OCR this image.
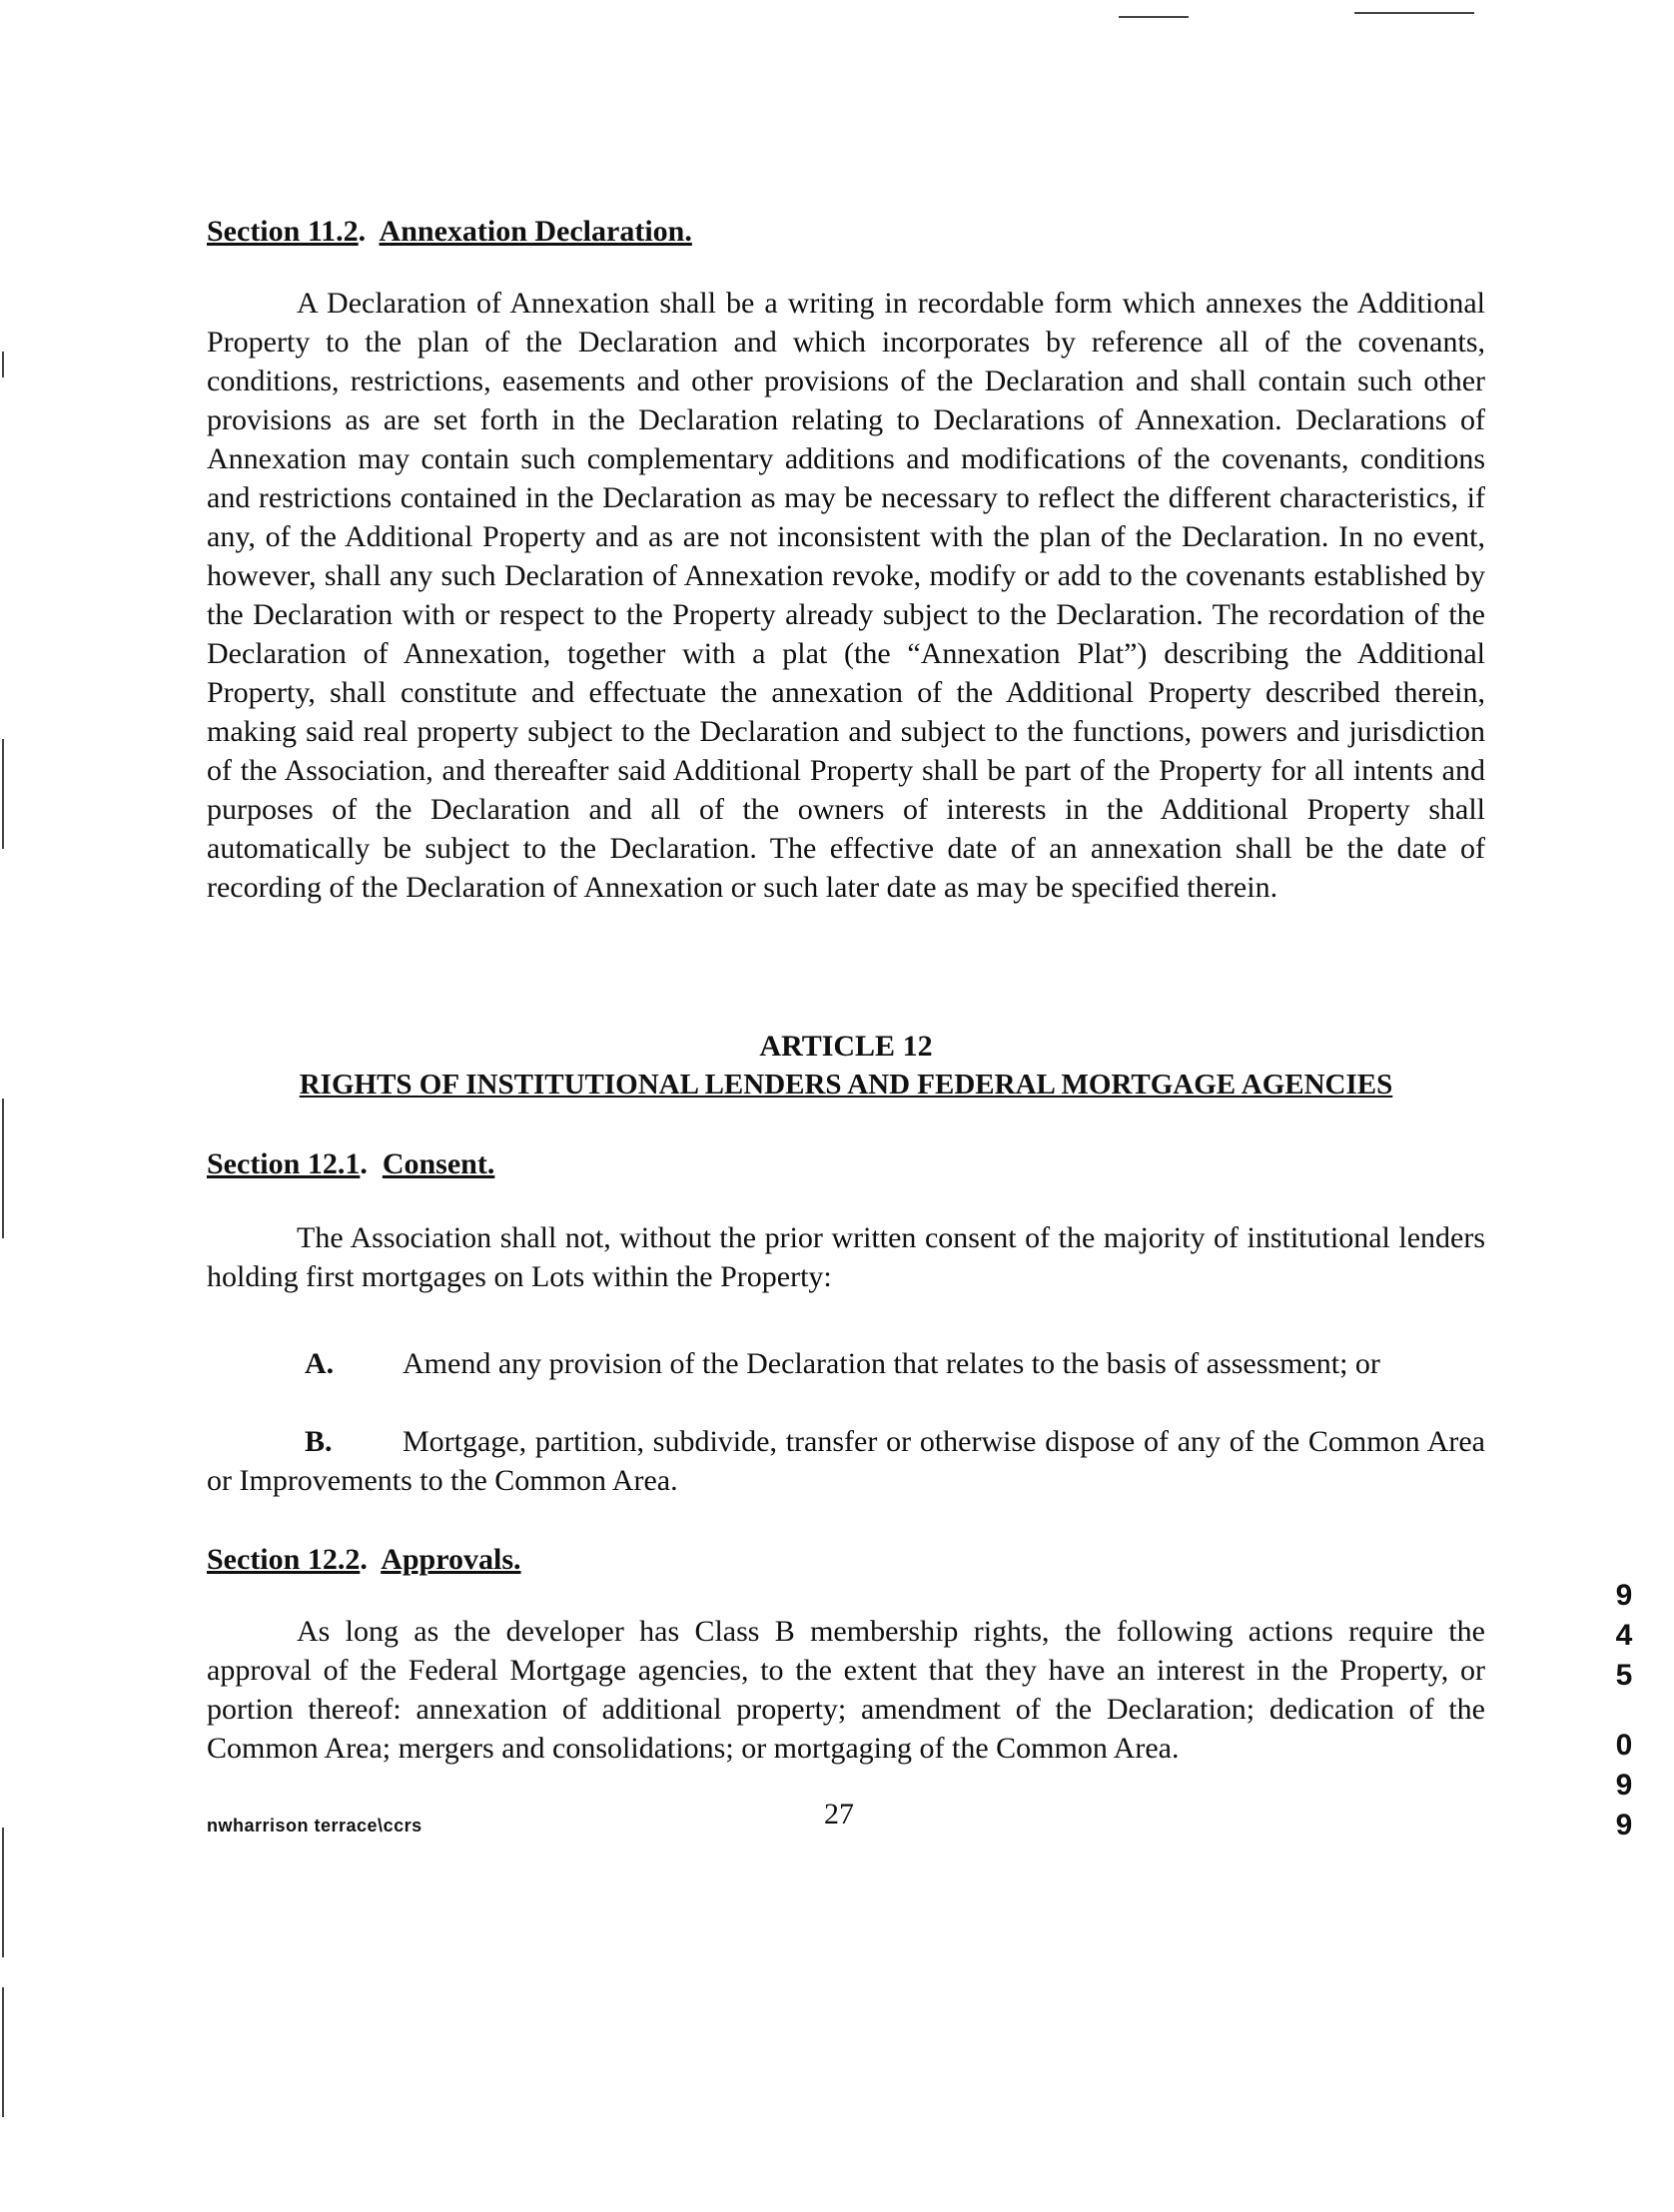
Section 11.2.  Annexation Declaration.
A Declaration of Annexation shall be a writing in recordable form which annexes the Additional Property to the plan of the Declaration and which incorporates by reference all of the covenants, conditions, restrictions, easements and other provisions of the Declaration and shall contain such other provisions as are set forth in the Declaration relating to Declarations of Annexation. Declarations of Annexation may contain such complementary additions and modifications of the covenants, conditions and restrictions contained in the Declaration as may be necessary to reflect the different characteristics, if any, of the Additional Property and as are not inconsistent with the plan of the Declaration. In no event, however, shall any such Declaration of Annexation revoke, modify or add to the covenants established by the Declaration with or respect to the Property already subject to the Declaration. The recordation of the Declaration of Annexation, together with a plat (the “Annexation Plat”) describing the Additional Property, shall constitute and effectuate the annexation of the Additional Property described therein, making said real property subject to the Declaration and subject to the functions, powers and jurisdiction of the Association, and thereafter said Additional Property shall be part of the Property for all intents and purposes of the Declaration and all of the owners of interests in the Additional Property shall automatically be subject to the Declaration. The effective date of an annexation shall be the date of recording of the Declaration of Annexation or such later date as may be specified therein.
ARTICLE 12
RIGHTS OF INSTITUTIONAL LENDERS AND FEDERAL MORTGAGE AGENCIES
Section 12.1.  Consent.
The Association shall not, without the prior written consent of the majority of institutional lenders holding first mortgages on Lots within the Property:
A.	Amend any provision of the Declaration that relates to the basis of assessment; or
B.	Mortgage, partition, subdivide, transfer or otherwise dispose of any of the Common Area or Improvements to the Common Area.
Section 12.2.  Approvals.
As long as the developer has Class B membership rights, the following actions require the approval of the Federal Mortgage agencies, to the extent that they have an interest in the Property, or portion thereof: annexation of additional property; amendment of the Declaration; dedication of the Common Area; mergers and consolidations; or mortgaging of the Common Area.
9
4
5
0
9
9
nwharrison terrace\ccrs	27
